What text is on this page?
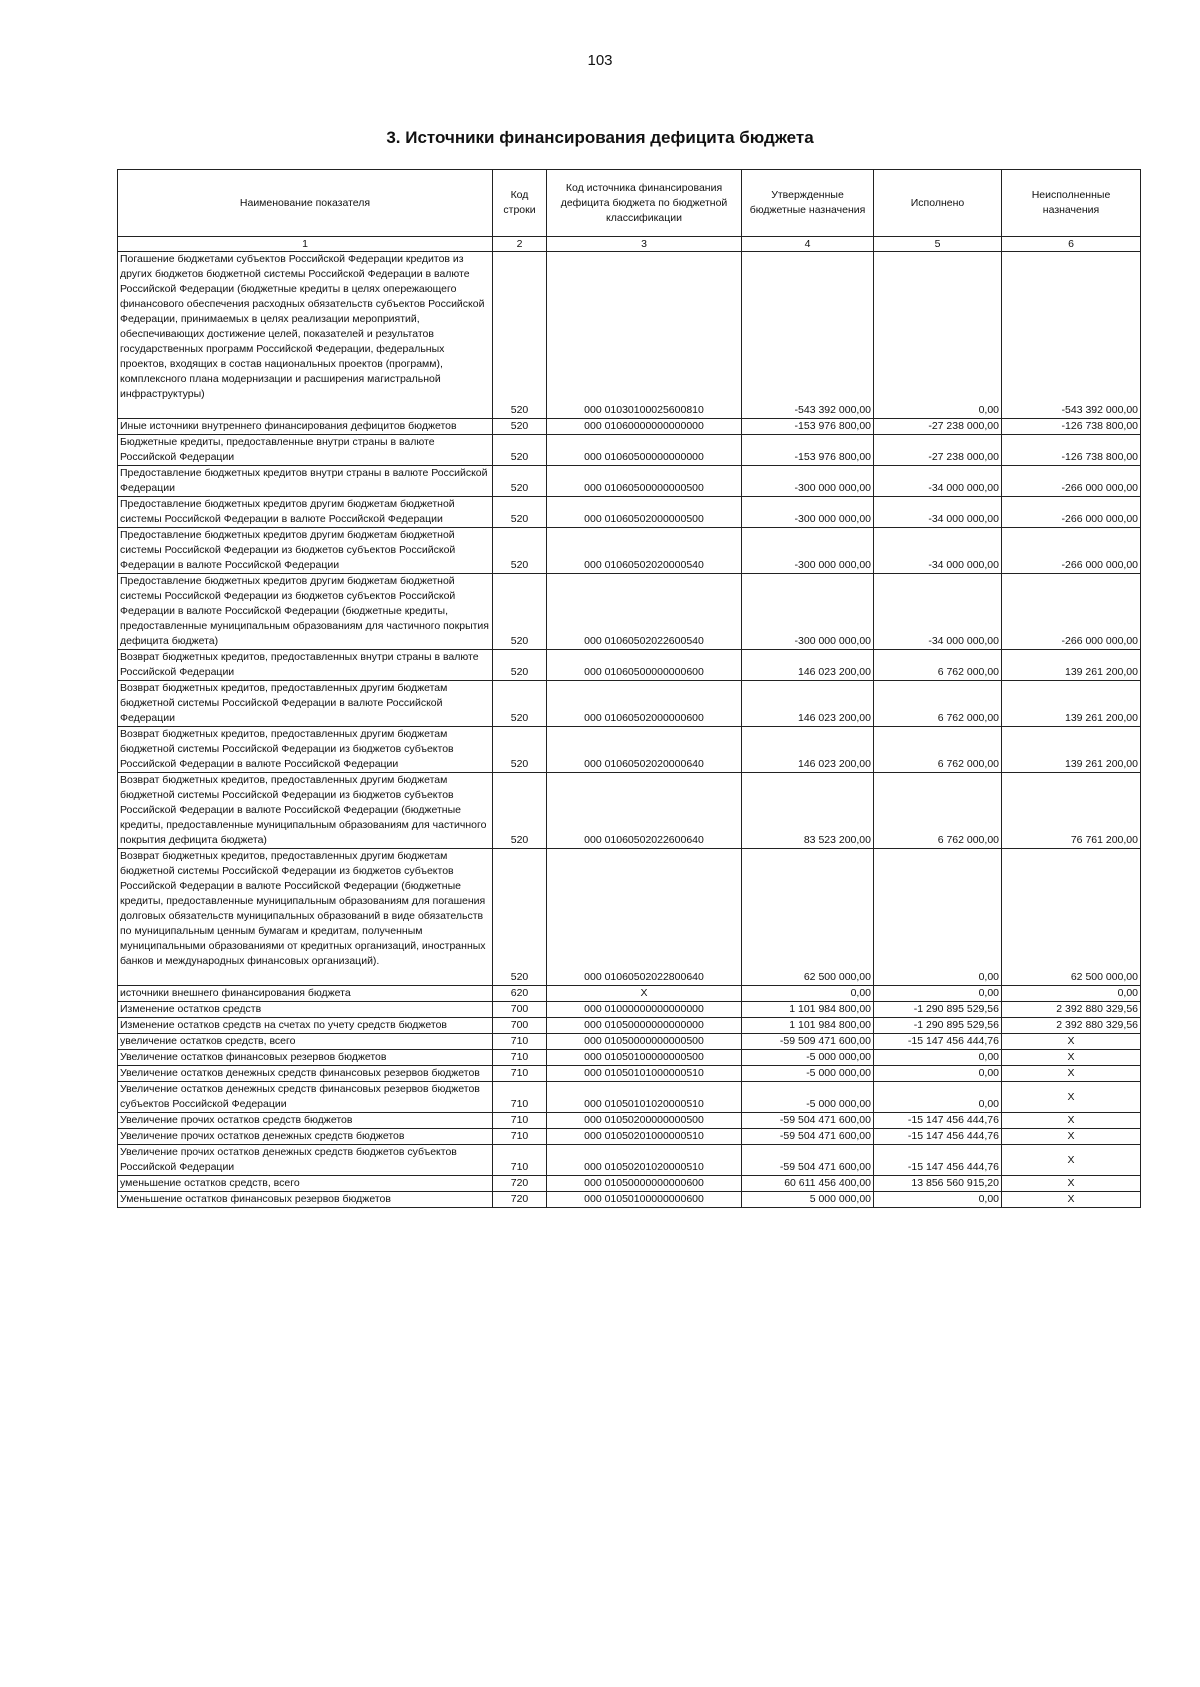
103
3. Источники финансирования дефицита бюджета
Наименование показателя	Код строки	Код источника финансирования дефицита бюджета по бюджетной классификации	Утвержденные бюджетные назначения	Исполнено	Неисполненные назначения
1	2	3	4	5	6
Погашение бюджетами субъектов Российской Федерации кредитов из других бюджетов бюджетной системы Российской Федерации в валюте Российской Федерации (бюджетные кредиты в целях опережающего финансового обеспечения расходных обязательств субъектов Российской Федерации, принимаемых в целях реализации мероприятий, обеспечивающих достижение целей, показателей и результатов государственных программ Российской Федерации, федеральных проектов, входящих в состав национальных проектов (программ), комплексного плана модернизации и расширения магистральной инфраструктуры)	520	000 01030100025600810	-543 392 000,00	0,00	-543 392 000,00
Иные источники внутреннего финансирования дефицитов бюджетов	520	000 01060000000000000	-153 976 800,00	-27 238 000,00	-126 738 800,00
Бюджетные кредиты, предоставленные внутри страны в валюте Российской Федерации	520	000 01060500000000000	-153 976 800,00	-27 238 000,00	-126 738 800,00
Предоставление бюджетных кредитов внутри страны в валюте Российской Федерации	520	000 01060500000000500	-300 000 000,00	-34 000 000,00	-266 000 000,00
Предоставление бюджетных кредитов другим бюджетам бюджетной системы Российской Федерации в валюте Российской Федерации	520	000 01060502000000500	-300 000 000,00	-34 000 000,00	-266 000 000,00
Предоставление бюджетных кредитов другим бюджетам бюджетной системы Российской Федерации из бюджетов субъектов Российской Федерации в валюте Российской Федерации	520	000 01060502020000540	-300 000 000,00	-34 000 000,00	-266 000 000,00
Предоставление бюджетных кредитов другим бюджетам бюджетной системы Российской Федерации из бюджетов субъектов Российской Федерации в валюте Российской Федерации (бюджетные кредиты, предоставленные муниципальным образованиям для частичного покрытия дефицита бюджета)	520	000 01060502022600540	-300 000 000,00	-34 000 000,00	-266 000 000,00
Возврат бюджетных кредитов, предоставленных внутри страны в валюте Российской Федерации	520	000 01060500000000600	146 023 200,00	6 762 000,00	139 261 200,00
Возврат бюджетных кредитов, предоставленных другим бюджетам бюджетной системы Российской Федерации в валюте Российской Федерации	520	000 01060502000000600	146 023 200,00	6 762 000,00	139 261 200,00
Возврат бюджетных кредитов, предоставленных другим бюджетам бюджетной системы Российской Федерации из бюджетов субъектов Российской Федерации в валюте Российской Федерации	520	000 01060502020000640	146 023 200,00	6 762 000,00	139 261 200,00
Возврат бюджетных кредитов, предоставленных другим бюджетам бюджетной системы Российской Федерации из бюджетов субъектов Российской Федерации в валюте Российской Федерации (бюджетные кредиты, предоставленные муниципальным образованиям для частичного покрытия дефицита бюджета)	520	000 01060502022600640	83 523 200,00	6 762 000,00	76 761 200,00
Возврат бюджетных кредитов, предоставленных другим бюджетам бюджетной системы Российской Федерации из бюджетов субъектов Российской Федерации в валюте Российской Федерации (бюджетные кредиты, предоставленные муниципальным образованиям для погашения долговых обязательств муниципальных образований в виде обязательств по муниципальным ценным бумагам и кредитам, полученным муниципальными образованиями от кредитных организаций, иностранных банков и международных финансовых организаций).	520	000 01060502022800640	62 500 000,00	0,00	62 500 000,00
источники внешнего финансирования бюджета	620	X	0,00	0,00	0,00
Изменение остатков средств	700	000 01000000000000000	1 101 984 800,00	-1 290 895 529,56	2 392 880 329,56
Изменение остатков средств на счетах по учету средств бюджетов	700	000 01050000000000000	1 101 984 800,00	-1 290 895 529,56	2 392 880 329,56
увеличение остатков средств, всего	710	000 01050000000000500	-59 509 471 600,00	-15 147 456 444,76	X
Увеличение остатков финансовых резервов бюджетов	710	000 01050100000000500	-5 000 000,00	0,00	X
Увеличение остатков денежных средств финансовых резервов бюджетов	710	000 01050101000000510	-5 000 000,00	0,00	X
Увеличение остатков денежных средств финансовых резервов бюджетов субъектов Российской Федерации	710	000 01050101020000510	-5 000 000,00	0,00	X
Увеличение прочих остатков средств бюджетов	710	000 01050200000000500	-59 504 471 600,00	-15 147 456 444,76	X
Увеличение прочих остатков денежных средств бюджетов	710	000 01050201000000510	-59 504 471 600,00	-15 147 456 444,76	X
Увеличение прочих остатков денежных средств бюджетов субъектов Российской Федерации	710	000 01050201020000510	-59 504 471 600,00	-15 147 456 444,76	X
уменьшение остатков средств, всего	720	000 01050000000000600	60 611 456 400,00	13 856 560 915,20	X
Уменьшение остатков финансовых резервов бюджетов	720	000 01050100000000600	5 000 000,00	0,00	X
